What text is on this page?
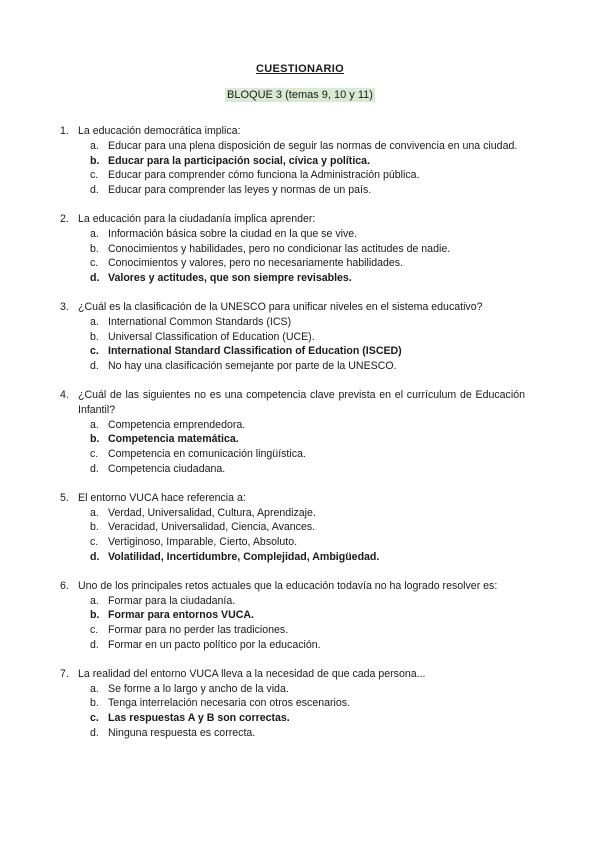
CUESTIONARIO
BLOQUE 3 (temas 9, 10 y 11)
1. La educación democrática implica:
a. Educar para una plena disposición de seguir las normas de convivencia en una ciudad.
b. Educar para la participación social, cívica y política.
c. Educar para comprender cómo funciona la Administración pública.
d. Educar para comprender las leyes y normas de un país.
2. La educación para la ciudadanía implica aprender:
a. Información básica sobre la ciudad en la que se vive.
b. Conocimientos y habilidades, pero no condicionar las actitudes de nadie.
c. Conocimientos y valores, pero no necesariamente habilidades.
d. Valores y actitudes, que son siempre revisables.
3. ¿Cuál es la clasificación de la UNESCO para unificar niveles en el sistema educativo?
a. International Common Standards (ICS)
b. Universal Classification of Education (UCE).
c. International Standard Classification of Education (ISCED)
d. No hay una clasificación semejante por parte de la UNESCO.
4. ¿Cuál de las siguientes no es una competencia clave prevista en el currículum de Educación Infantil?
a. Competencia emprendedora.
b. Competencia matemática.
c. Competencia en comunicación lingüística.
d. Competencia ciudadana.
5. El entorno VUCA hace referencia a:
a. Verdad, Universalidad, Cultura, Aprendizaje.
b. Veracidad, Universalidad, Ciencia, Avances.
c. Vertiginoso, Imparable, Cierto, Absoluto.
d. Volatilidad, Incertidumbre, Complejidad, Ambigüedad.
6. Uno de los principales retos actuales que la educación todavía no ha logrado resolver es:
a. Formar para la ciudadanía.
b. Formar para entornos VUCA.
c. Formar para no perder las tradiciones.
d. Formar en un pacto político por la educación.
7. La realidad del entorno VUCA lleva a la necesidad de que cada persona...
a. Se forme a lo largo y ancho de la vida.
b. Tenga interrelación necesaria con otros escenarios.
c. Las respuestas A y B son correctas.
d. Ninguna respuesta es correcta.
